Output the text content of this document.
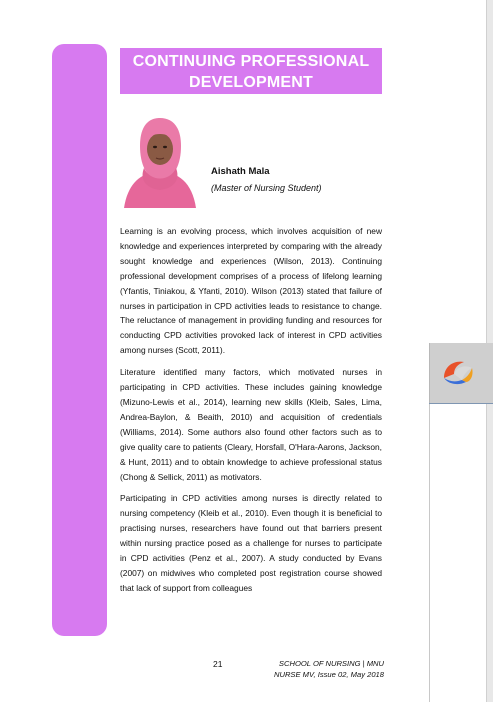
CONTINUING PROFESSIONAL
DEVELOPMENT
Aishath Mala
(Master of Nursing Student)

Learning is an evolving process, which involves acquisition of new knowledge and experiences interpreted by comparing with the already sought knowledge and experiences (Wilson, 2013). Continuing professional development comprises of a process of lifelong learning (Yfantis, Tiniakou, & Yfanti, 2010). Wilson (2013) stated that failure of nurses in participation in CPD activities leads to resistance to change. The reluctance of management in providing funding and resources for conducting CPD activities provoked lack of interest in CPD activities among nurses (Scott, 2011).

Literature identified many factors, which motivated nurses in participating in CPD activities. These includes gaining knowledge (Mizuno-Lewis et al., 2014), learning new skills (Kleib, Sales, Lima, Andrea-Baylon, & Beaith, 2010) and acquisition of credentials (Williams, 2014). Some authors also found other factors such as to give quality care to patients (Cleary, Horsfall, O'Hara-Aarons, Jackson, & Hunt, 2011) and to obtain knowledge to achieve professional status (Chong & Sellick, 2011) as motivators.

Participating in CPD activities among nurses is directly related to nursing competency (Kleib et al., 2010). Even though it is beneficial to practising nurses, researchers have found out that barriers present within nursing practice posed as a challenge for nurses to participate in CPD activities (Penz et al., 2007). A study conducted by Evans (2007) on midwives who completed post registration course showed that lack of support from colleagues

21	SCHOOL OF NURSING | MNU
NURSE MV, Issue 02, May 2018
